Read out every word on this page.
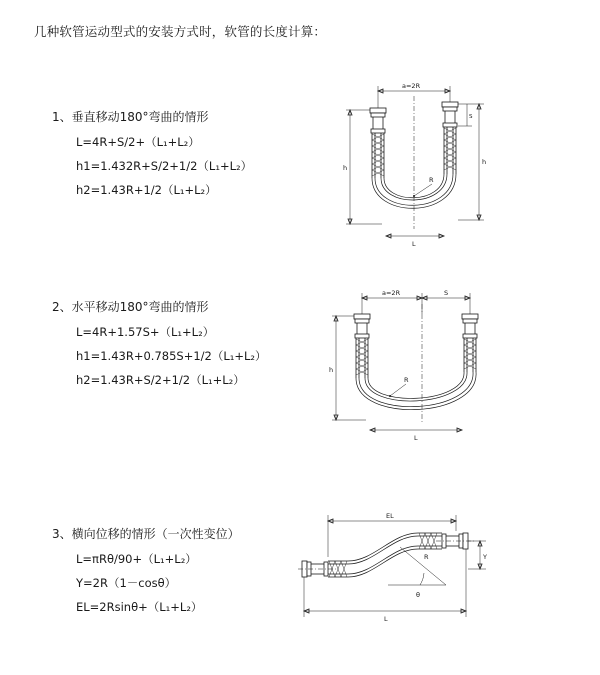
几种软管运动型式的安装方式时，软管的长度计算：
1、垂直移动180°弯曲的情形
L=4R+S/2+（L₁+L₂）
h1=1.432R+S/2+1/2（L₁+L₂）
h2=1.43R+1/2（L₁+L₂）
a=2R
R
L
h
h
S
2、水平移动180°弯曲的情形
L=4R+1.57S+（L₁+L₂）
h1=1.43R+0.785S+1/2（L₁+L₂）
h2=1.43R+S/2+1/2（L₁+L₂）
a=2R	S
R
L
h
3、横向位移的情形（一次性变位）
L=πRθ/90+（L₁+L₂）
Y=2R（1－cosθ）
EL=2Rsinθ+（L₁+L₂）
EL
θ
R	Y
L
